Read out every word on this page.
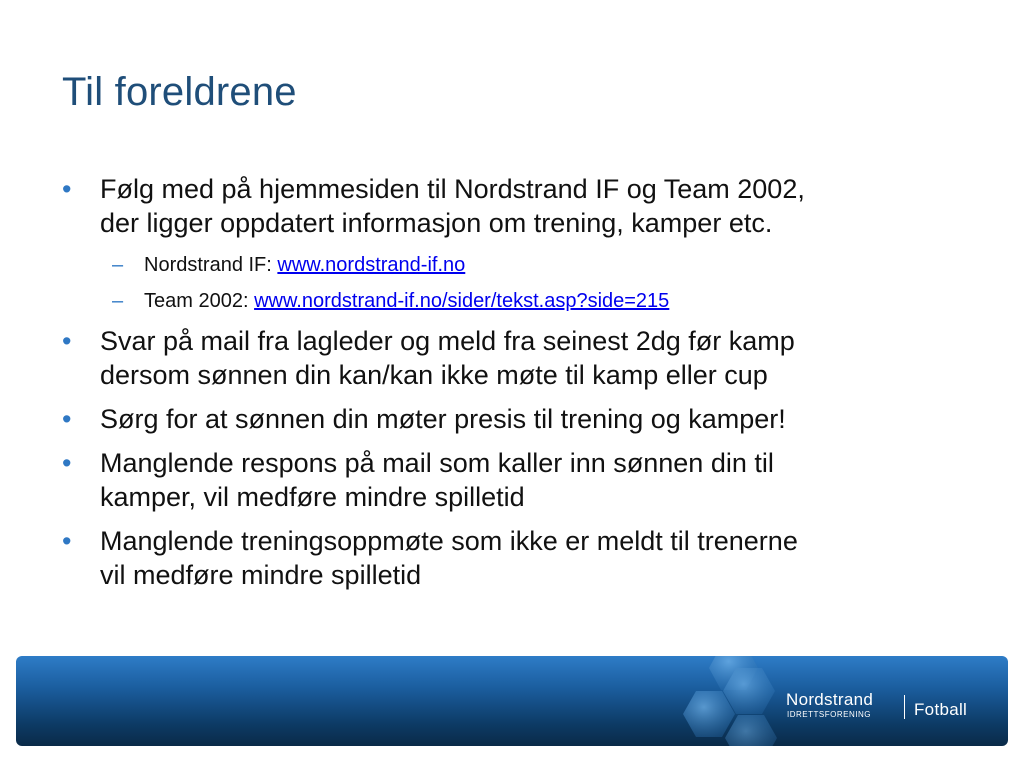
Til foreldrene
• Følg med på hjemmesiden til Nordstrand IF og Team 2002,
der ligger oppdatert informasjon om trening, kamper etc.
– Nordstrand IF: www.nordstrand-if.no
– Team 2002: www.nordstrand-if.no/sider/tekst.asp?side=215
• Svar på mail fra lagleder og meld fra seinest 2dg før kamp
dersom sønnen din kan/kan ikke møte til kamp eller cup
• Sørg for at sønnen din møter presis til trening og kamper!
• Manglende respons på mail som kaller inn sønnen din til
kamper, vil medføre mindre spilletid
• Manglende treningsoppmøte som ikke er meldt til trenerne
vil medføre mindre spilletid
Nordstrand
IDRETTSFORENING	Fotball
